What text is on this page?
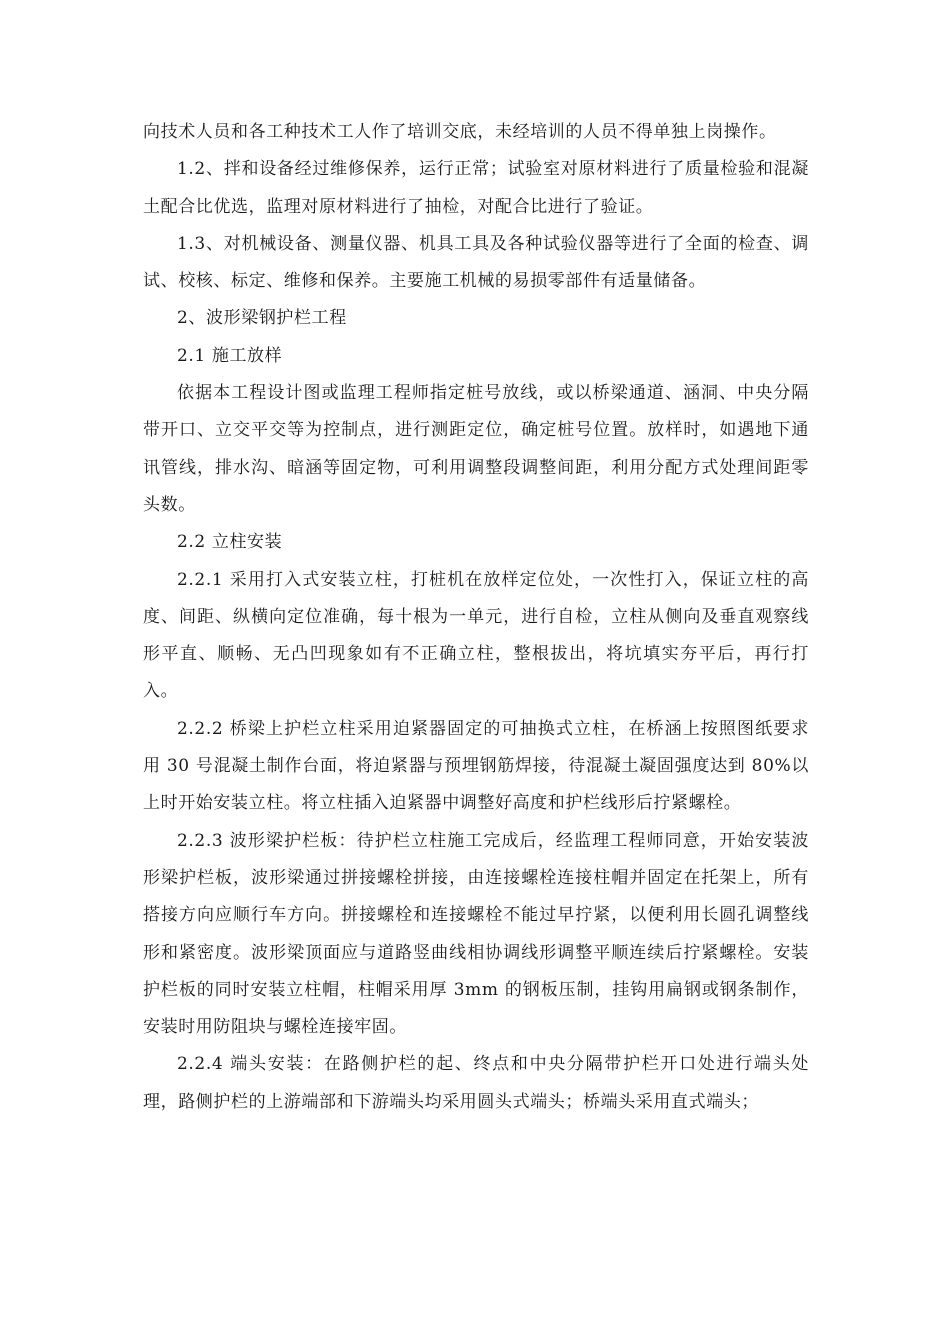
向技术人员和各工种技术工人作了培训交底，未经培训的人员不得单独上岗操作。

1.2、拌和设备经过维修保养，运行正常；试验室对原材料进行了质量检验和混凝土配合比优选，监理对原材料进行了抽检，对配合比进行了验证。

1.3、对机械设备、测量仪器、机具工具及各种试验仪器等进行了全面的检查、调试、校核、标定、维修和保养。主要施工机械的易损零部件有适量储备。

2、波形梁钢护栏工程

2.1 施工放样

依据本工程设计图或监理工程师指定桩号放线，或以桥梁通道、涵洞、中央分隔带开口、立交平交等为控制点，进行测距定位，确定桩号位置。放样时，如遇地下通讯管线，排水沟、暗涵等固定物，可利用调整段调整间距，利用分配方式处理间距零头数。

2.2 立柱安装

2.2.1 采用打入式安装立柱，打桩机在放样定位处，一次性打入，保证立柱的高度、间距、纵横向定位准确，每十根为一单元，进行自检，立柱从侧向及垂直观察线形平直、顺畅、无凸凹现象如有不正确立柱，整根拔出，将坑填实夯平后，再行打入。

2.2.2 桥梁上护栏立柱采用迫紧器固定的可抽换式立柱，在桥涵上按照图纸要求用 30 号混凝土制作台面，将迫紧器与预埋钢筋焊接，待混凝土凝固强度达到 80%以上时开始安装立柱。将立柱插入迫紧器中调整好高度和护栏线形后拧紧螺栓。

2.2.3 波形梁护栏板：待护栏立柱施工完成后，经监理工程师同意，开始安装波形梁护栏板，波形梁通过拼接螺栓拼接，由连接螺栓连接柱帽并固定在托架上，所有搭接方向应顺行车方向。拼接螺栓和连接螺栓不能过早拧紧，以便利用长圆孔调整线形和紧密度。波形梁顶面应与道路竖曲线相协调线形调整平顺连续后拧紧螺栓。安装护栏板的同时安装立柱帽，柱帽采用厚 3mm 的钢板压制，挂钩用扁钢或钢条制作，安装时用防阻块与螺栓连接牢固。

2.2.4 端头安装：在路侧护栏的起、终点和中央分隔带护栏开口处进行端头处理，路侧护栏的上游端部和下游端头均采用圆头式端头；桥端头采用直式端头；
